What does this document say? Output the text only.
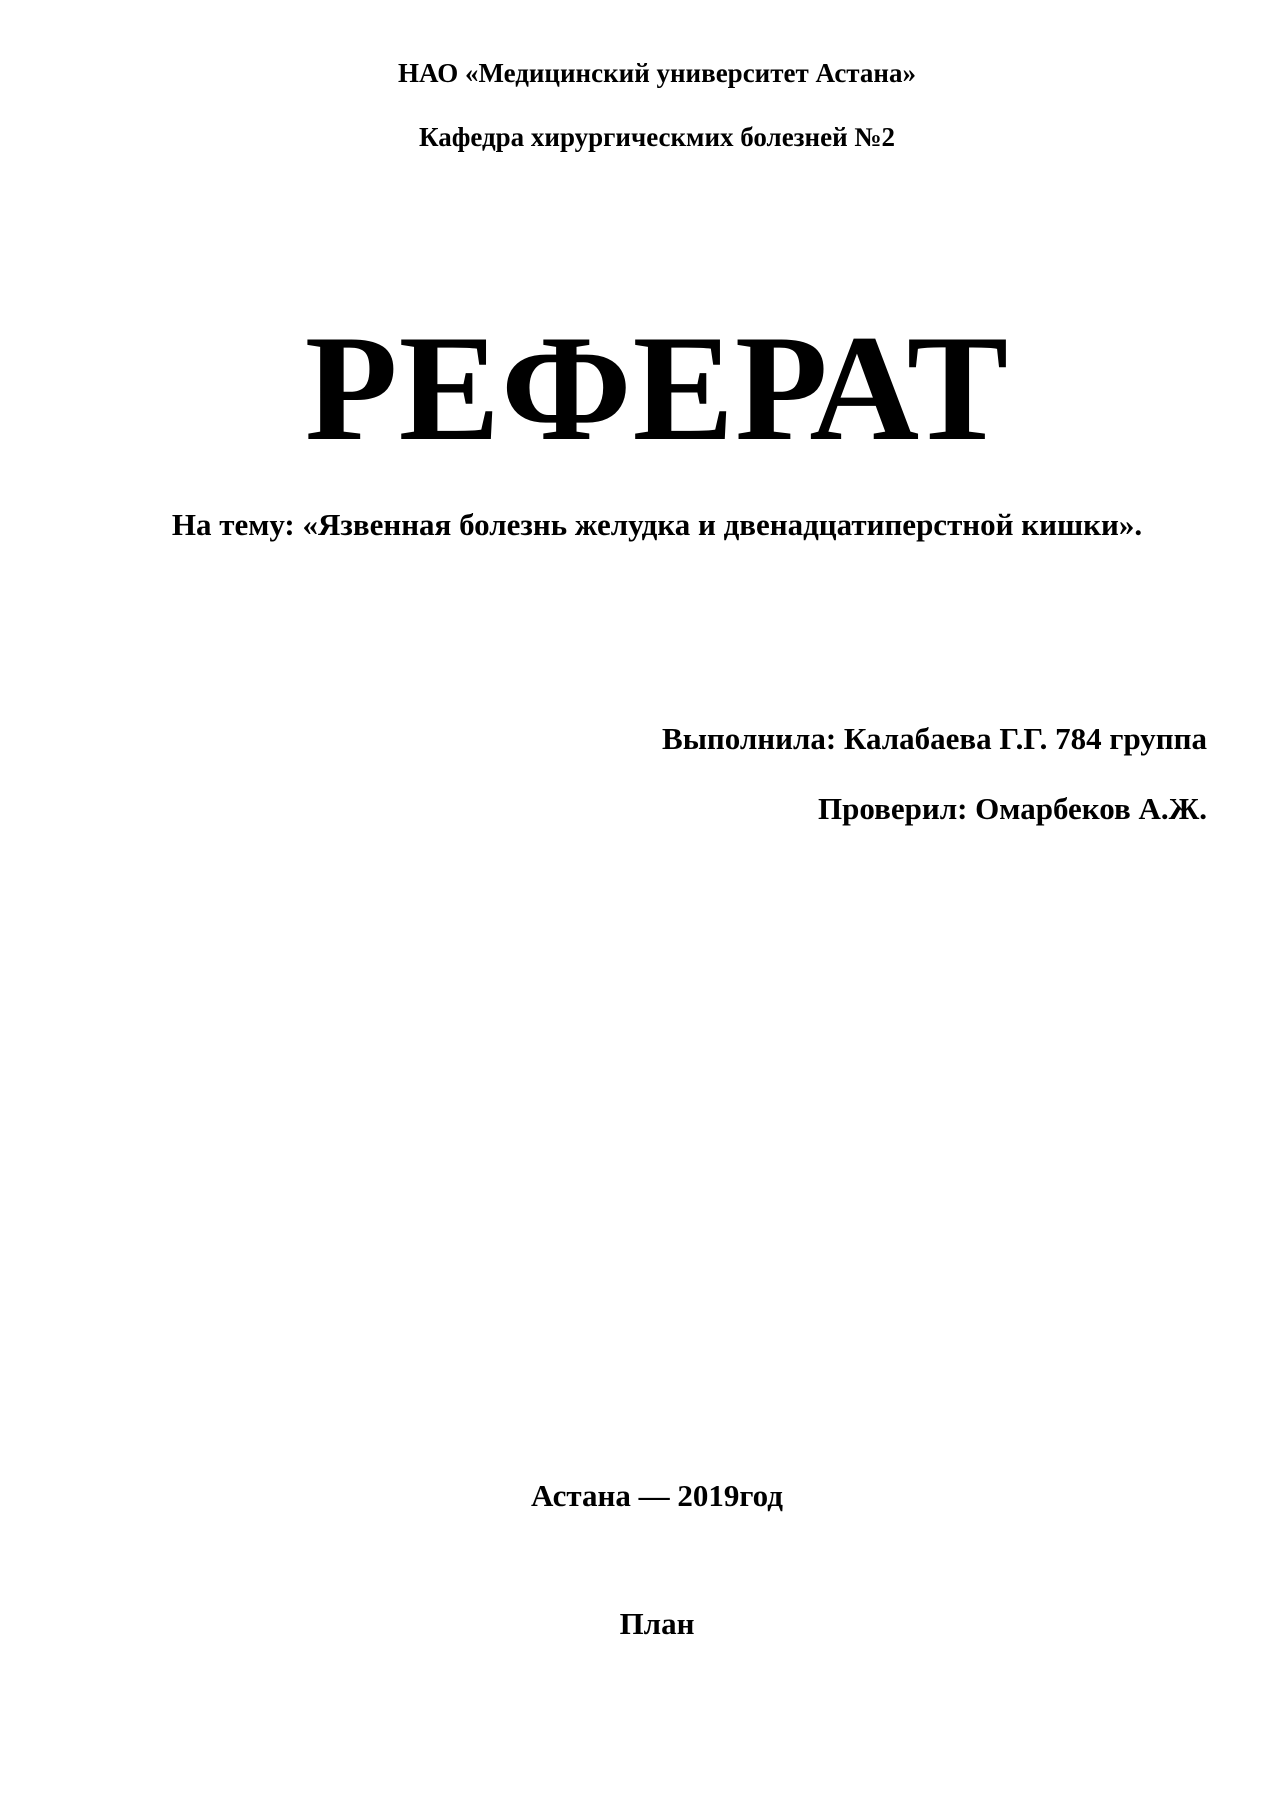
НАО «Медицинский университет Астана»

Кафедра хирургическмих болезней №2

РЕФЕРАТ

На тему: «Язвенная болезнь желудка и двенадцатиперстной кишки».

Выполнила: Калабаева Г.Г. 784 группа

Проверил: Омарбеков А.Ж.

Астана — 2019год

План
